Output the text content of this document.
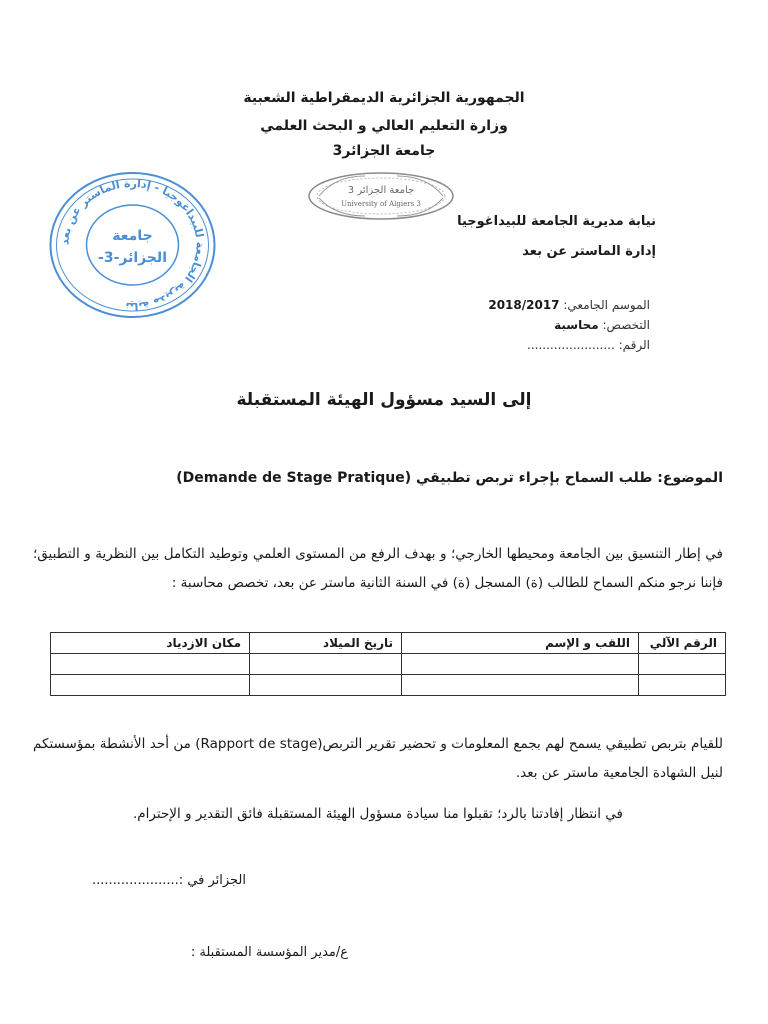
الجمهورية الجزائرية الديمقراطية الشعبية
وزارة التعليم العالي و البحث العلمي
جامعة الجزائر3
جامعة الجزائر 3
University of Algiers 3
نيابة مديرية الجامعة للبيداغوجيا - إدارة الماستر عن بعد
جامعة
الجزائر-3-
نيابة مديرية الجامعة للبيداغوجيا
إدارة الماستر عن بعد
الموسم الجامعي: 2018/2017
التخصص: محاسبة
الرقم: .......................
إلى السيد مسؤول الهيئة المستقبلة
الموضوع: طلب السماح بإجراء تربص تطبيقي (Demande de Stage Pratique)
في إطار التنسيق بين الجامعة ومحيطها الخارجي؛ و بهدف الرفع من المستوى العلمي وتوطيد التكامل بين النظرية و التطبيق؛ فإننا نرجو منكم السماح للطالب (ة) المسجل (ة) في السنة الثانية ماستر عن بعد، تخصص محاسبة :
الرقم الآلي	اللقب و الإسم	تاريخ الميلاد	مكان الازدياد

للقيام بتربص تطبيقي يسمح لهم بجمع المعلومات و تحضير تقرير التربص(Rapport de stage) من أحد الأنشطة بمؤسستكم لنيل الشهادة الجامعية ماستر عن بعد.
في انتظار إفادتنا بالرد؛ تقبلوا منا سيادة مسؤول الهيئة المستقبلة فائق التقدير و الإحترام.
الجزائر في :.....................
ع/مدير المؤسسة المستقبلة :
